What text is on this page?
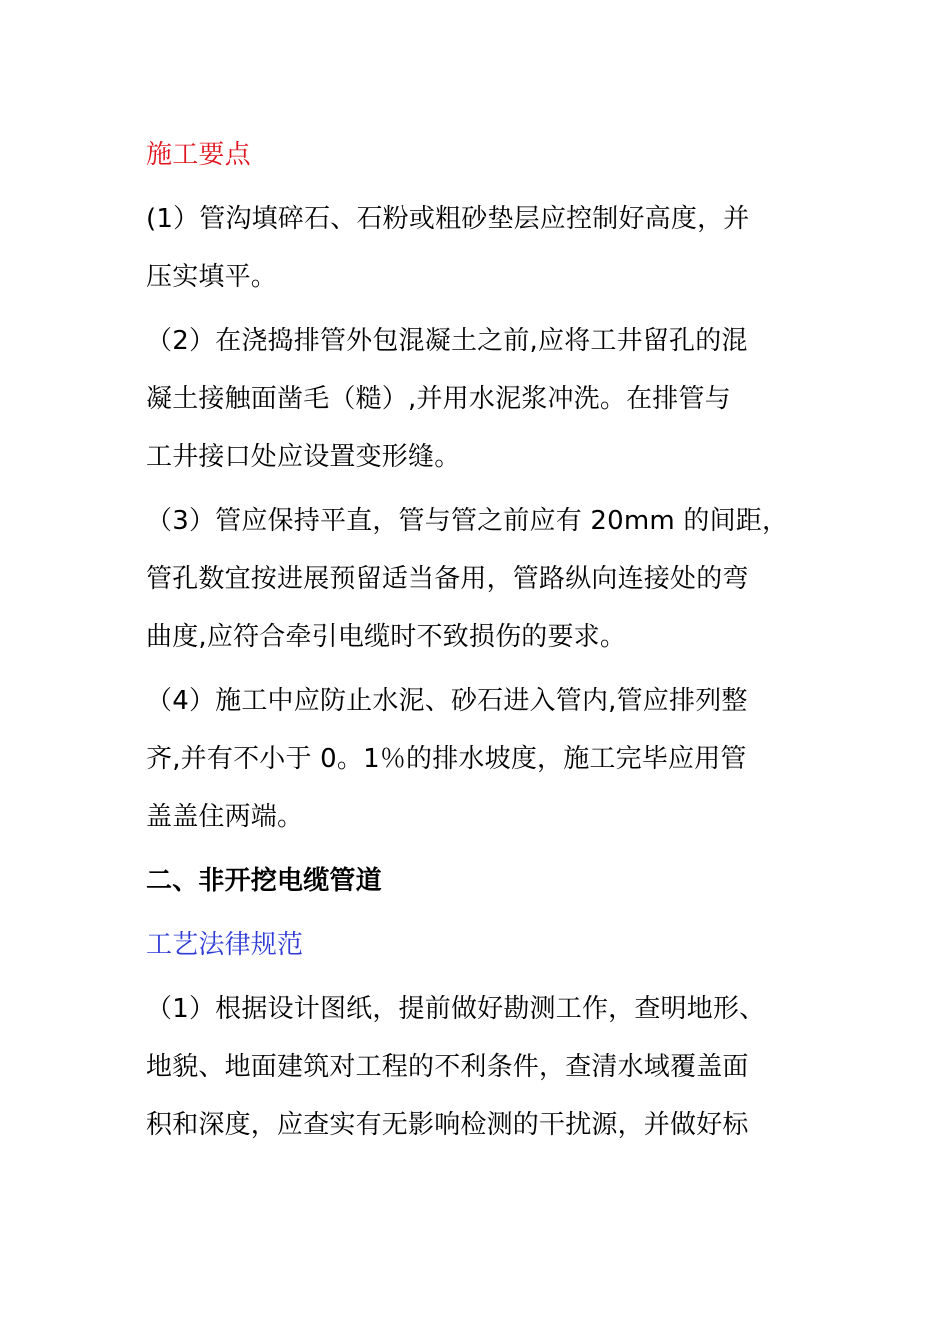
施工要点
(1）管沟填碎石、石粉或粗砂垫层应控制好高度，并
压实填平。
（2）在浇捣排管外包混凝土之前,应将工井留孔的混
凝土接触面凿毛（糙）,并用水泥浆冲洗。在排管与
工井接口处应设置变形缝。
（3）管应保持平直，管与管之前应有 20mm 的间距，
管孔数宜按进展预留适当备用，管路纵向连接处的弯
曲度,应符合牵引电缆时不致损伤的要求。
（4）施工中应防止水泥、砂石进入管内,管应排列整
齐,并有不小于 0。1％的排水坡度，施工完毕应用管
盖盖住两端。
二、非开挖电缆管道
工艺法律规范
（1）根据设计图纸，提前做好勘测工作，查明地形、
地貌、地面建筑对工程的不利条件，查清水域覆盖面
积和深度，应查实有无影响检测的干扰源，并做好标
